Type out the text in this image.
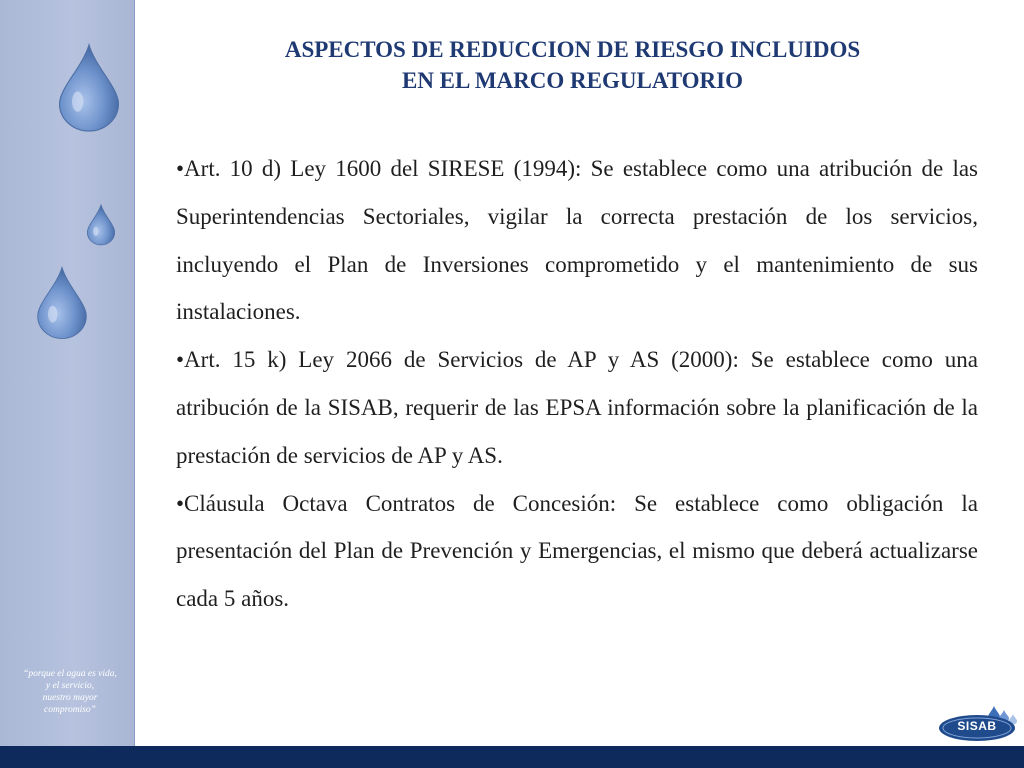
“porque el agua es vida,
y el servicio,
nuestro mayor
compromiso”
ASPECTOS DE REDUCCION DE RIESGO INCLUIDOS
EN EL MARCO REGULATORIO

•Art. 10 d) Ley 1600 del SIRESE (1994): Se establece como una atribución de las Superintendencias Sectoriales, vigilar la correcta prestación de los servicios, incluyendo el Plan de Inversiones comprometido y el mantenimiento de sus instalaciones.

•Art. 15 k) Ley 2066 de Servicios de AP y AS (2000): Se establece como una atribución de la SISAB, requerir de las EPSA información sobre la planificación de la prestación de servicios de AP y AS.

•Cláusula Octava Contratos de Concesión: Se establece como obligación la presentación del Plan de Prevención y Emergencias, el mismo que deberá actualizarse cada 5 años.

SISAB
